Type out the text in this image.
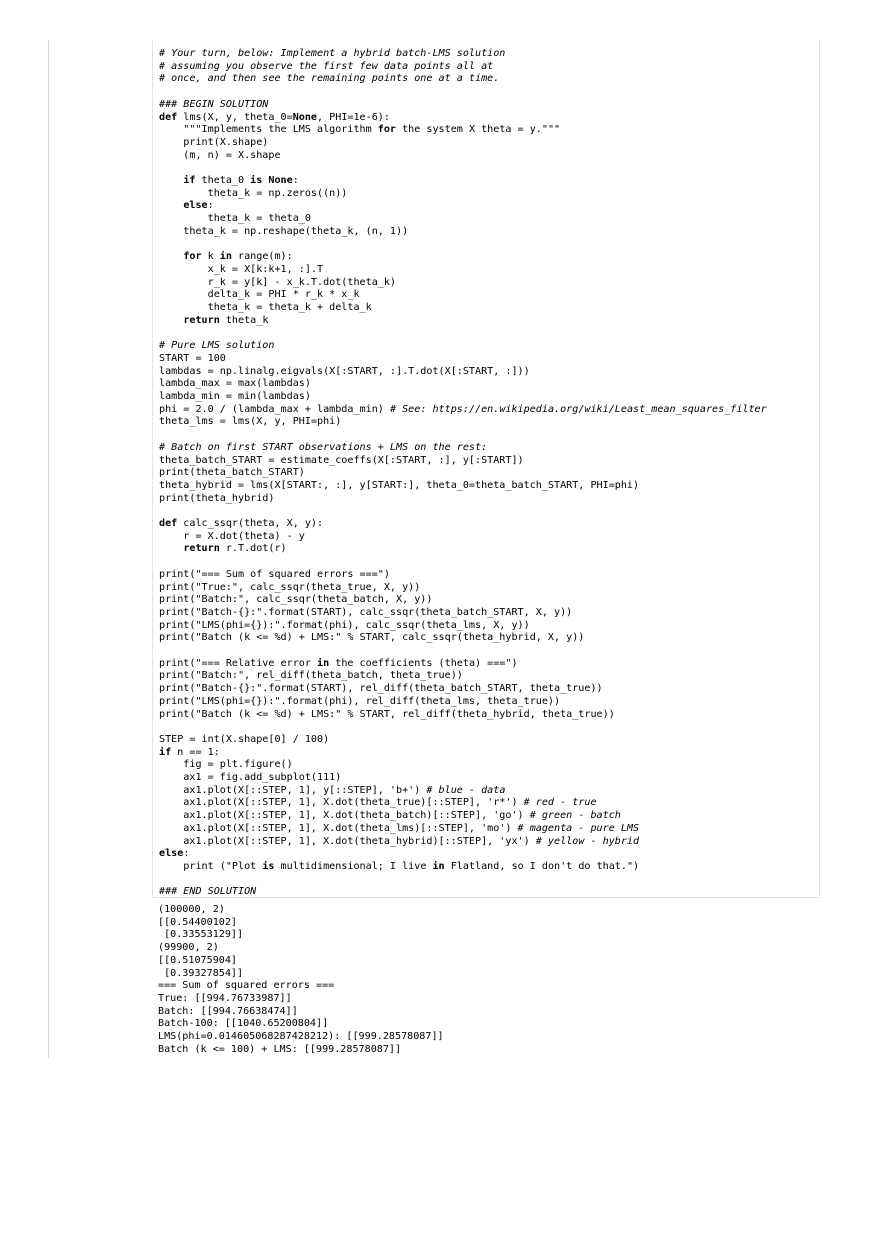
# Your turn, below: Implement a hybrid batch-LMS solution
# assuming you observe the first few data points all at
# once, and then see the remaining points one at a time.

### BEGIN SOLUTION
def lms(X, y, theta_0=None, PHI=1e-6):
"""Implements the LMS algorithm for the system X theta = y."""
print(X.shape)
(m, n) = X.shape

if theta_0 is None:
theta_k = np.zeros((n))
else:
theta_k = theta_0
theta_k = np.reshape(theta_k, (n, 1))

for k in range(m):
x_k = X[k:k+1, :].T
r_k = y[k] - x_k.T.dot(theta_k)
delta_k = PHI * r_k * x_k
theta_k = theta_k + delta_k
return theta_k

# Pure LMS solution
START = 100
lambdas = np.linalg.eigvals(X[:START, :].T.dot(X[:START, :]))
lambda_max = max(lambdas)
lambda_min = min(lambdas)
phi = 2.0 / (lambda_max + lambda_min) # See: https://en.wikipedia.org/wiki/Least_mean_squares_filter
theta_lms = lms(X, y, PHI=phi)

# Batch on first START observations + LMS on the rest:
theta_batch_START = estimate_coeffs(X[:START, :], y[:START])
print(theta_batch_START)
theta_hybrid = lms(X[START:, :], y[START:], theta_0=theta_batch_START, PHI=phi)
print(theta_hybrid)

def calc_ssqr(theta, X, y):
r = X.dot(theta) - y
return r.T.dot(r)

print("=== Sum of squared errors ===")
print("True:", calc_ssqr(theta_true, X, y))
print("Batch:", calc_ssqr(theta_batch, X, y))
print("Batch-{}:".format(START), calc_ssqr(theta_batch_START, X, y))
print("LMS(phi={}):".format(phi), calc_ssqr(theta_lms, X, y))
print("Batch (k <= %d) + LMS:" % START, calc_ssqr(theta_hybrid, X, y))

print("=== Relative error in the coefficients (theta) ===")
print("Batch:", rel_diff(theta_batch, theta_true))
print("Batch-{}:".format(START), rel_diff(theta_batch_START, theta_true))
print("LMS(phi={}):".format(phi), rel_diff(theta_lms, theta_true))
print("Batch (k <= %d) + LMS:" % START, rel_diff(theta_hybrid, theta_true))

STEP = int(X.shape[0] / 100)
if n == 1:
fig = plt.figure()
ax1 = fig.add_subplot(111)
ax1.plot(X[::STEP, 1], y[::STEP], 'b+') # blue - data
ax1.plot(X[::STEP, 1], X.dot(theta_true)[::STEP], 'r*') # red - true
ax1.plot(X[::STEP, 1], X.dot(theta_batch)[::STEP], 'go') # green - batch
ax1.plot(X[::STEP, 1], X.dot(theta_lms)[::STEP], 'mo') # magenta - pure LMS
ax1.plot(X[::STEP, 1], X.dot(theta_hybrid)[::STEP], 'yx') # yellow - hybrid
else:
print ("Plot is multidimensional; I live in Flatland, so I don't do that.")

### END SOLUTION

(100000, 2)
[[0.54400102]
[0.33553129]]
(99900, 2)
[[0.51075904]
[0.39327854]]
=== Sum of squared errors ===
True: [[994.76733987]]
Batch: [[994.76638474]]
Batch-100: [[1040.65200804]]
LMS(phi=0.014605068287428212): [[999.28578087]]
Batch (k <= 100) + LMS: [[999.28578087]]
